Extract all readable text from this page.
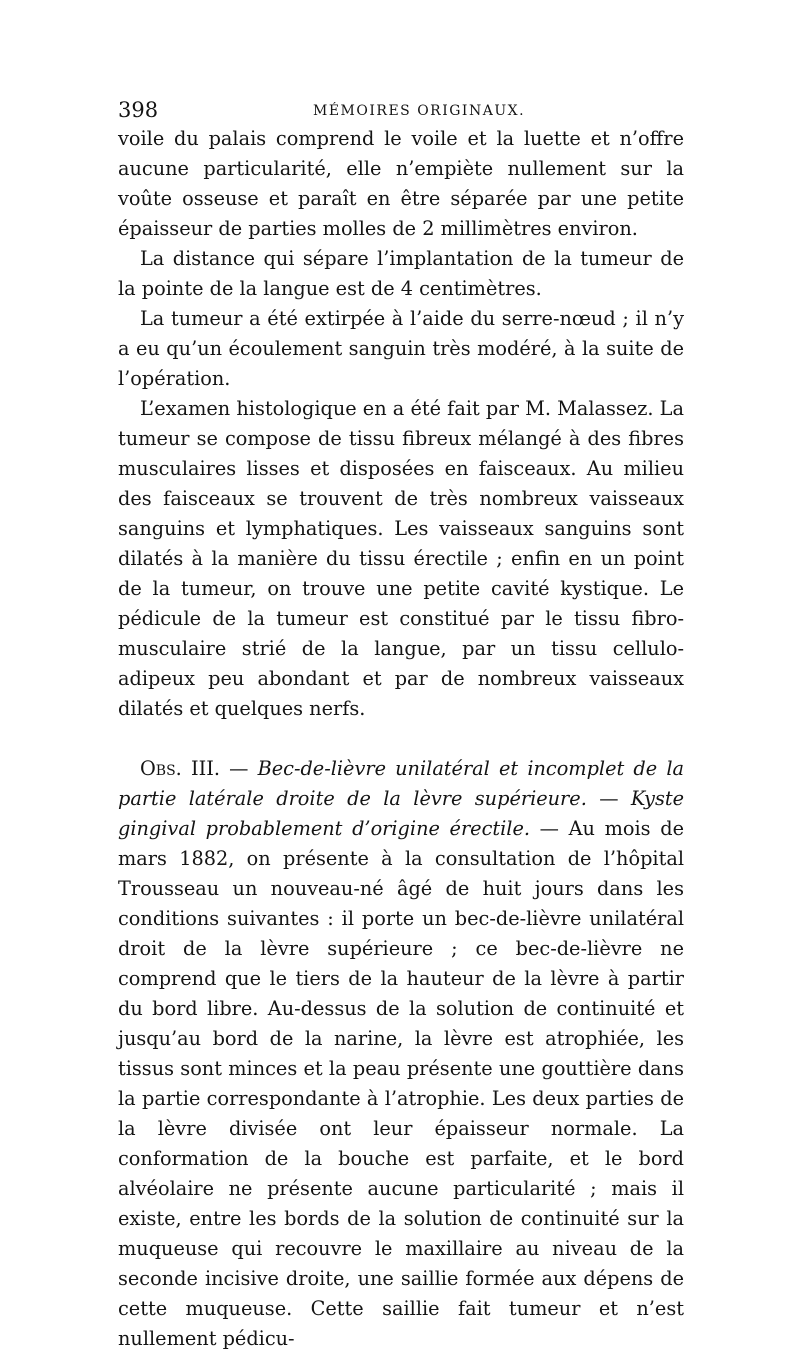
398	MÉMOIRES ORIGINAUX.

voile du palais comprend le voile et la luette et n’offre aucune particularité, elle n’empiète nullement sur la voûte osseuse et paraît en être séparée par une petite épaisseur de parties molles de 2 millimètres environ.

La distance qui sépare l’implantation de la tumeur de la pointe de la langue est de 4 centimètres.

La tumeur a été extirpée à l’aide du serre-nœud ; il n’y a eu qu’un écoulement sanguin très modéré, à la suite de l’opération.

L’examen histologique en a été fait par M. Malassez. La tumeur se compose de tissu fibreux mélangé à des fibres musculaires lisses et disposées en faisceaux. Au milieu des faisceaux se trouvent de très nombreux vaisseaux sanguins et lymphatiques. Les vaisseaux sanguins sont dilatés à la manière du tissu érectile ; enfin en un point de la tumeur, on trouve une petite cavité kystique. Le pédicule de la tumeur est constitué par le tissu fibro-musculaire strié de la langue, par un tissu cellulo-adipeux peu abondant et par de nombreux vaisseaux dilatés et quelques nerfs.

Obs. III. — Bec-de-lièvre unilatéral et incomplet de la partie latérale droite de la lèvre supérieure. — Kyste gingival probablement d’origine érectile. — Au mois de mars 1882, on présente à la consultation de l’hôpital Trousseau un nouveau-né âgé de huit jours dans les conditions suivantes : il porte un bec-de-lièvre unilatéral droit de la lèvre supérieure ; ce bec-de-lièvre ne comprend que le tiers de la hauteur de la lèvre à partir du bord libre. Au-dessus de la solution de continuité et jusqu’au bord de la narine, la lèvre est atrophiée, les tissus sont minces et la peau présente une gouttière dans la partie correspondante à l’atrophie. Les deux parties de la lèvre divisée ont leur épaisseur normale. La conformation de la bouche est parfaite, et le bord alvéolaire ne présente aucune particularité ; mais il existe, entre les bords de la solution de continuité sur la muqueuse qui recouvre le maxillaire au niveau de la seconde incisive droite, une saillie formée aux dépens de cette muqueuse. Cette saillie fait tumeur et n’est nullement pédicu-
